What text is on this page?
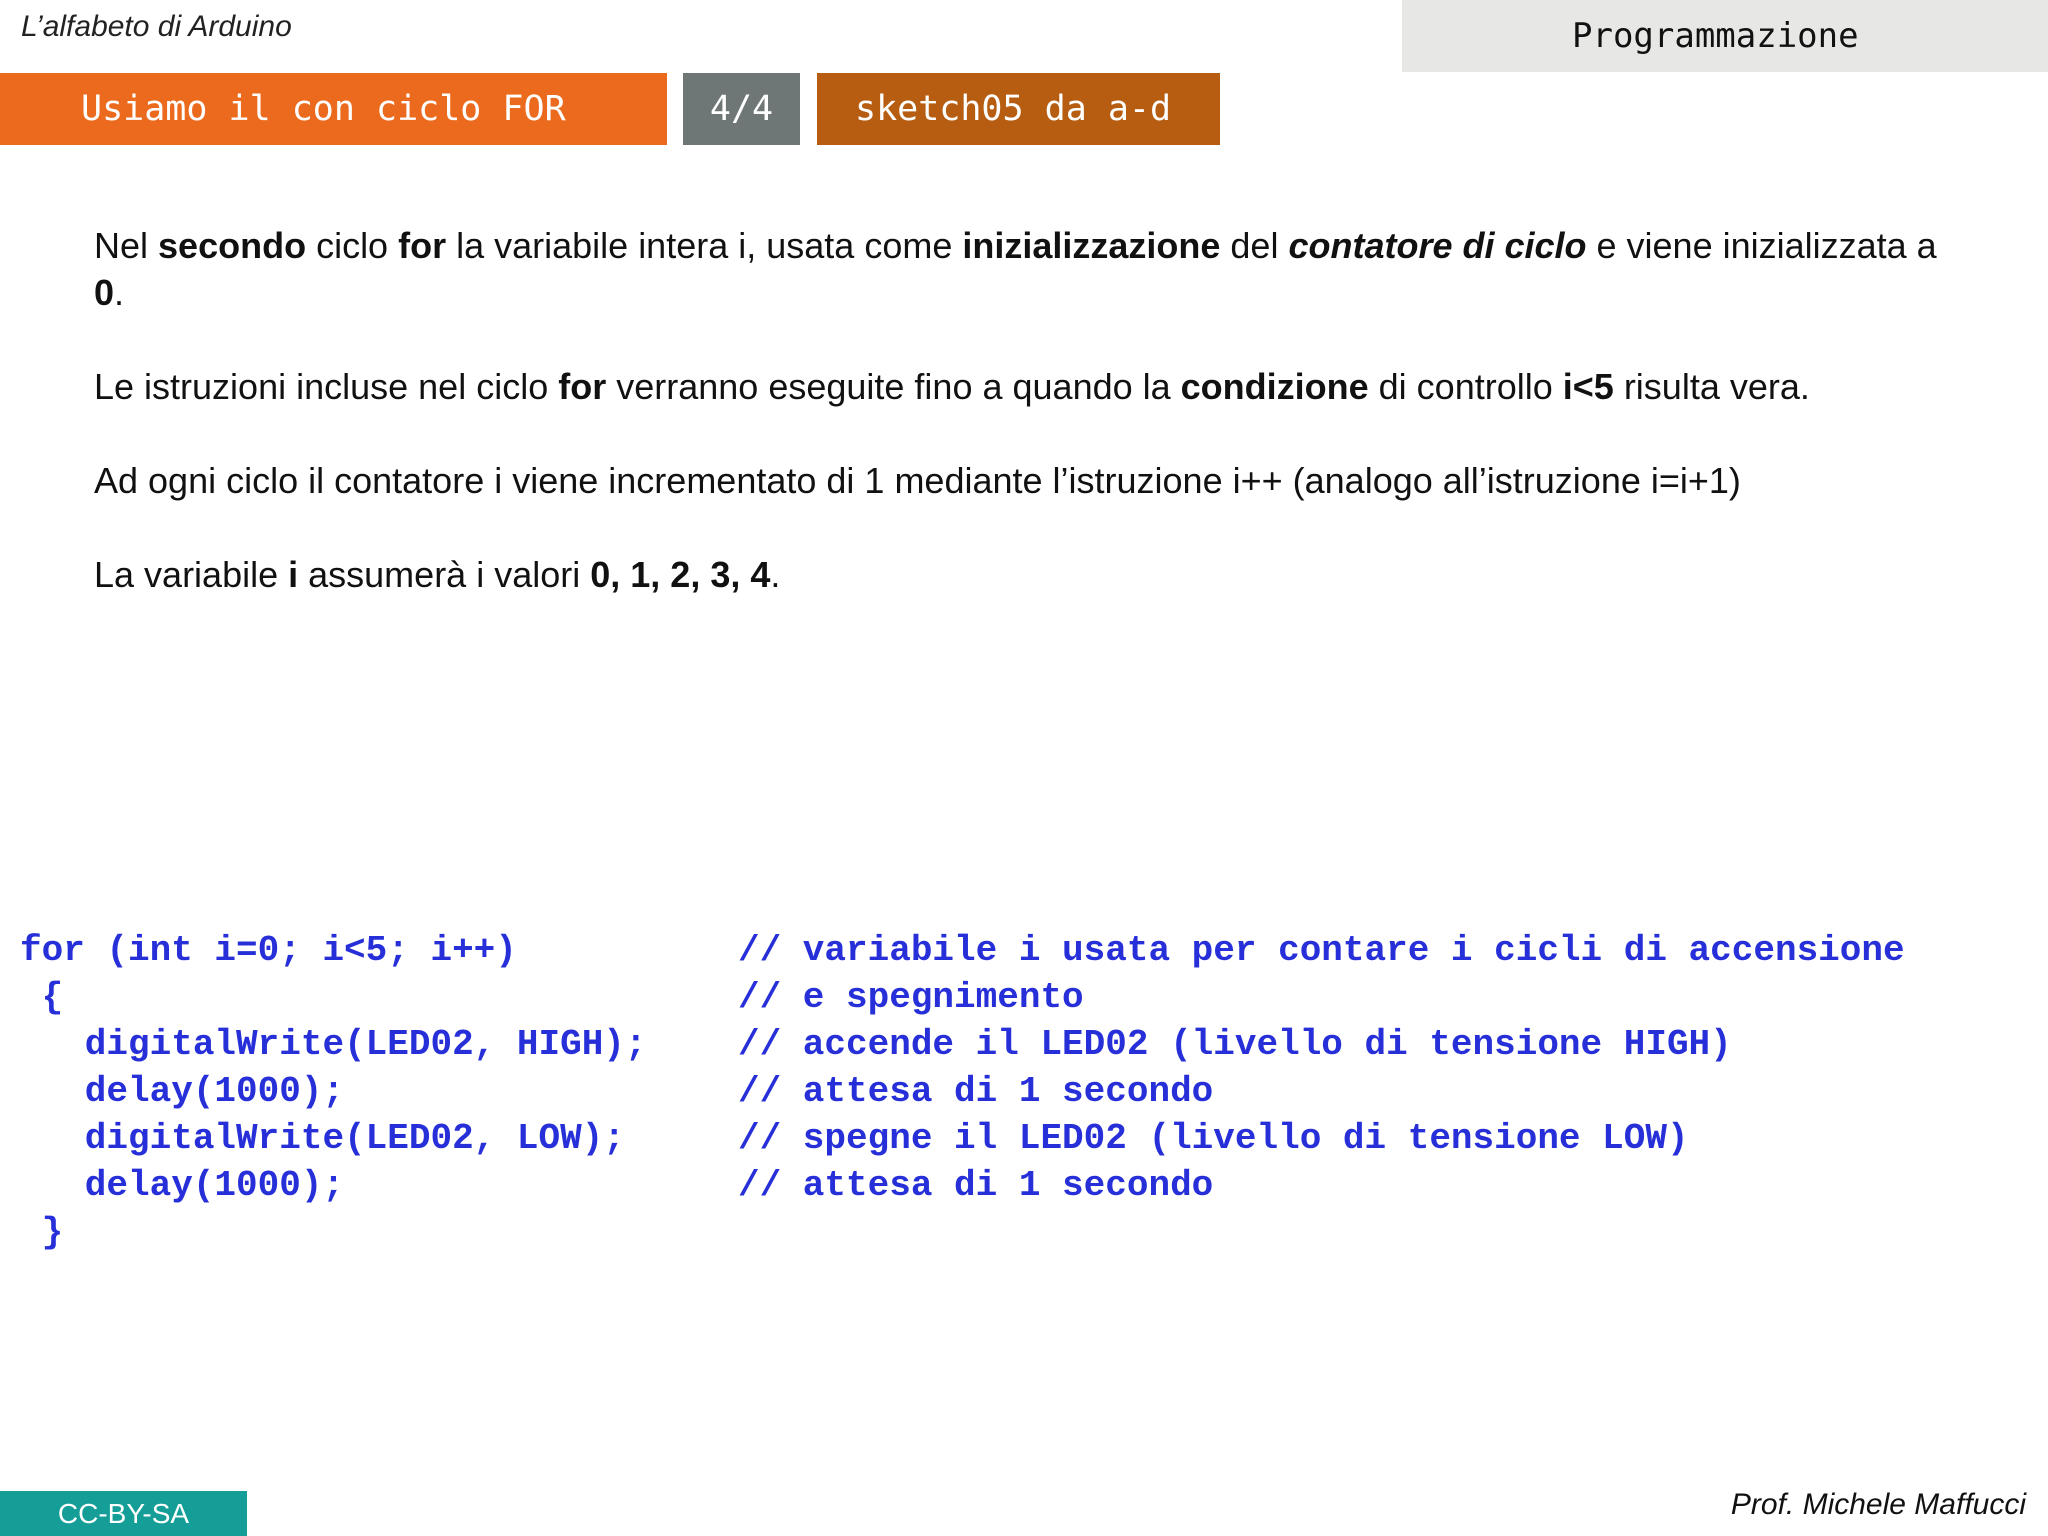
L’alfabeto di Arduino	Programmazione
Usiamo il con ciclo FOR	4/4 sketch05 da a-d

Nel secondo ciclo for la variabile intera i, usata come inizializzazione del contatore di ciclo e viene inizializzata a 0.

Le istruzioni incluse nel ciclo for verranno eseguite fino a quando la condizione di controllo i<5 risulta vera.

Ad ogni ciclo il contatore i viene incrementato di 1 mediante l’istruzione i++ (analogo all’istruzione i=i+1)

La variabile i assumerà i valori 0, 1, 2, 3, 4.

for (int i=0; i<5; i++)	// variabile i usata per contare i cicli di accensione
{	// e spegnimento
digitalWrite(LED02, HIGH);	// accende il LED02 (livello di tensione HIGH)
delay(1000);	// attesa di 1 secondo
digitalWrite(LED02, LOW);	// spegne il LED02 (livello di tensione LOW)
delay(1000);	// attesa di 1 secondo
}
CC-BY-SA	Prof. Michele Maffucci
